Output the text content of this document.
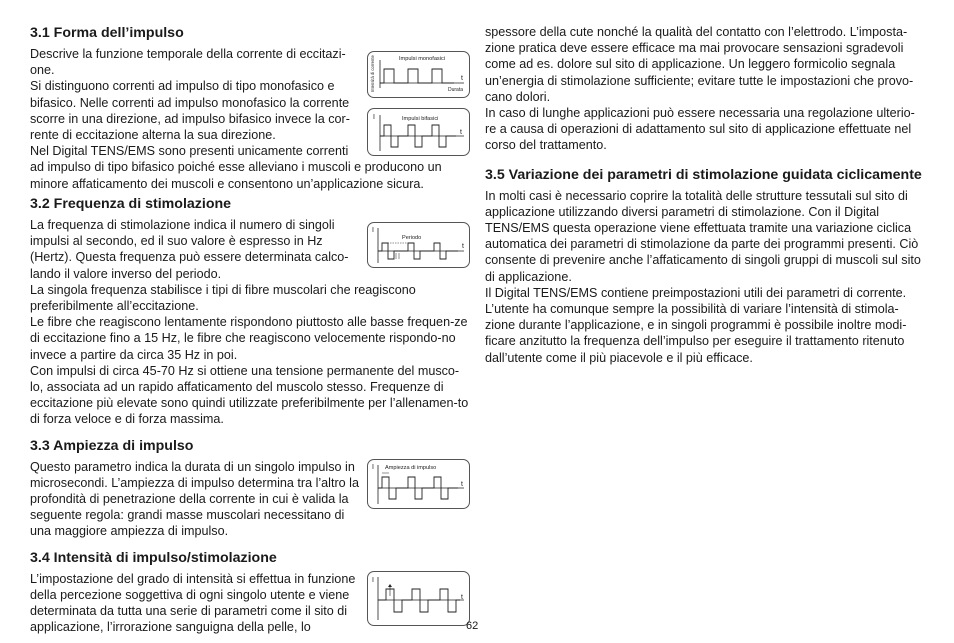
3.1 Forma dell’impulso

Descrive la funzione temporale della corrente di eccitazi-one.

Si distinguono correnti ad impulso di tipo monofasico e bifasico. Nelle correnti ad impulso monofasico la corrente scorre in una direzione, ad impulso bifasico invece la cor-rente di eccitazione alterna la sua direzione.

Nel Digital TENS/EMS sono presenti unicamente correnti

ad impulso di tipo bifasico poiché esse alleviano i muscoli e producono un minore affaticamento dei muscoli e consentono un’applicazione sicura.

Impulsi monofasici
Intensità di corrente	t
Durata
Impulsi bifasici
I
t
3.2 Frequenza di stimolazione

La frequenza di stimolazione indica il numero di singoli impulsi al secondo, ed il suo valore è espresso in Hz (Hertz). Questa frequenza può essere determinata calco-lando il valore inverso del periodo.

La singola frequenza stabilisce i tipi di fibre muscolari che reagiscono preferibilmente all’eccitazione.

Le fibre che reagiscono lentamente rispondono piuttosto alle basse frequen-ze di eccitazione fino a 15 Hz, le fibre che reagiscono velocemente rispondo-no invece a partire da circa 35 Hz in poi.

Con impulsi di circa 45-70 Hz si ottiene una tensione permanente del musco-lo, associata ad un rapido affaticamento del muscolo stesso. Frequenze di eccitazione più elevate sono quindi utilizzate preferibilmente per l’allenamen-to di forza veloce e di forza massima.

Periodo
I
t
3.3 Ampiezza di impulso

Questo parametro indica la durata di un singolo impulso in microsecondi. L’ampiezza di impulso determina tra l’altro la profondità di penetrazione della corrente in cui è valida la seguente regola: grandi masse muscolari necessitano di una maggiore ampiezza di impulso.

Ampiezza di impulso
I
t
3.4 Intensità di impulso/stimolazione

L’impostazione del grado di intensità si effettua in funzione della percezione soggettiva di ogni singolo utente e viene determinata da tutta una serie di parametri come il sito di applicazione, l’irrorazione sanguigna della pelle, lo

I
t

spessore della cute nonché la qualità del contatto con l’elettrodo. L’imposta-zione pratica deve essere efficace ma mai provocare sensazioni sgradevoli come ad es. dolore sul sito di applicazione. Un leggero formicolio segnala un’energia di stimolazione sufficiente; evitare tutte le impostazioni che provo-cano dolori.

In caso di lunghe applicazioni può essere necessaria una regolazione ulterio-re a causa di operazioni di adattamento sul sito di applicazione effettuate nel corso del trattamento.

3.5 Variazione dei parametri di stimolazione guidata ciclicamente

In molti casi è necessario coprire la totalità delle strutture tessutali sul sito di applicazione utilizzando diversi parametri di stimolazione. Con il Digital TENS/EMS questa operazione viene effettuata tramite una variazione ciclica automatica dei parametri di stimolazione da parte dei programmi presenti. Ciò consente di prevenire anche l’affaticamento di singoli gruppi di muscoli sul sito di applicazione.

Il Digital TENS/EMS contiene preimpostazioni utili dei parametri di corrente. L’utente ha comunque sempre la possibilità di variare l’intensità di stimola-zione durante l’applicazione, e in singoli programmi è possibile inoltre modi-ficare anzitutto la frequenza dell’impulso per eseguire il trattamento ritenuto dall’utente come il più piacevole e il più efficace.

62
